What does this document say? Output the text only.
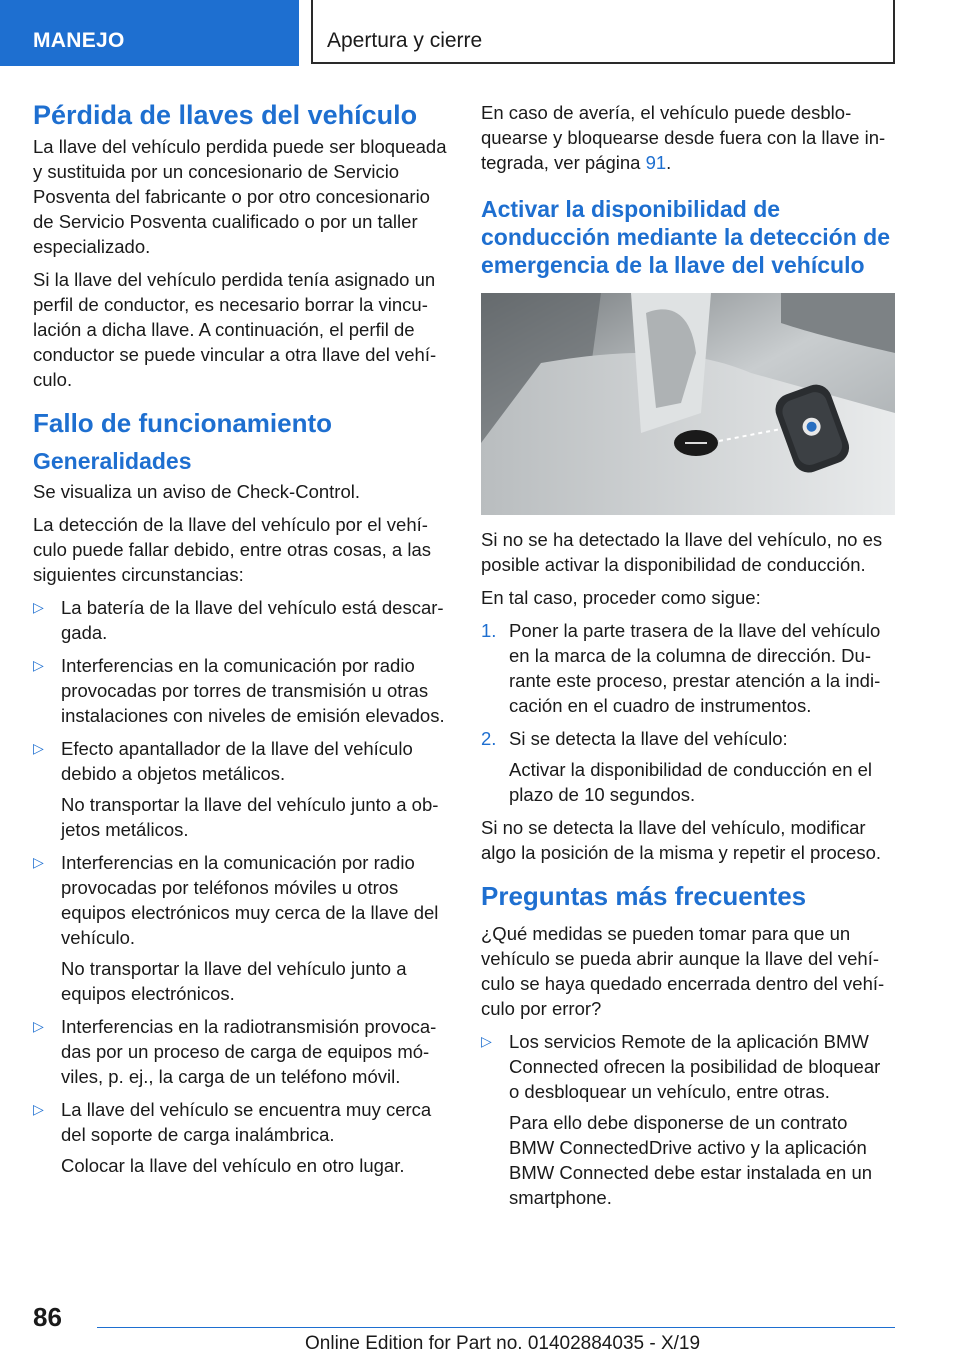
MANEJO	Apertura y cierre
Pérdida de llaves del vehículo

La llave del vehículo perdida puede ser bloqueada y sustituida por un concesionario de Servicio Posventa del fabricante o por otro concesionario de Servicio Posventa cualificado o por un taller especializado.

Si la llave del vehículo perdida tenía asignado un perfil de conductor, es necesario borrar la vinculación a dicha llave. A continuación, el perfil de conductor se puede vincular a otra llave del vehículo.

Fallo de funcionamiento
Generalidades

Se visualiza un aviso de Check-Control.

La detección de la llave del vehículo por el vehículo puede fallar debido, entre otras cosas, a las siguientes circunstancias:

▷ La batería de la llave del vehículo está descargada.

▷ Interferencias en la comunicación por radio provocadas por torres de transmisión u otras instalaciones con niveles de emisión elevados.

▷ Efecto apantallador de la llave del vehículo debido a objetos metálicos.

No transportar la llave del vehículo junto a objetos metálicos.

▷ Interferencias en la comunicación por radio provocadas por teléfonos móviles u otros equipos electrónicos muy cerca de la llave del vehículo.

No transportar la llave del vehículo junto a equipos electrónicos.

▷ Interferencias en la radiotransmisión provocadas por un proceso de carga de equipos móviles, p. ej., la carga de un teléfono móvil.

▷ La llave del vehículo se encuentra muy cerca del soporte de carga inalámbrica.

Colocar la llave del vehículo en otro lugar.

En caso de avería, el vehículo puede desbloquearse y bloquearse desde fuera con la llave integrada, ver página 91.

Activar la disponibilidad de conducción mediante la detección de emergencia de la llave del vehículo

Si no se ha detectado la llave del vehículo, no es posible activar la disponibilidad de conducción.

En tal caso, proceder como sigue:

1. Poner la parte trasera de la llave del vehículo en la marca de la columna de dirección. Durante este proceso, prestar atención a la indicación en el cuadro de instrumentos.

2. Si se detecta la llave del vehículo:

Activar la disponibilidad de conducción en el plazo de 10 segundos.

Si no se detecta la llave del vehículo, modificar algo la posición de la misma y repetir el proceso.

Preguntas más frecuentes

¿Qué medidas se pueden tomar para que un vehículo se pueda abrir aunque la llave del vehículo se haya quedado encerrada dentro del vehículo por error?

▷ Los servicios Remote de la aplicación BMW Connected ofrecen la posibilidad de bloquear o desbloquear un vehículo, entre otras.

Para ello debe disponerse de un contrato BMW ConnectedDrive activo y la aplicación BMW Connected debe estar instalada en un smartphone.

86
Online Edition for Part no. 01402884035 - X/19
